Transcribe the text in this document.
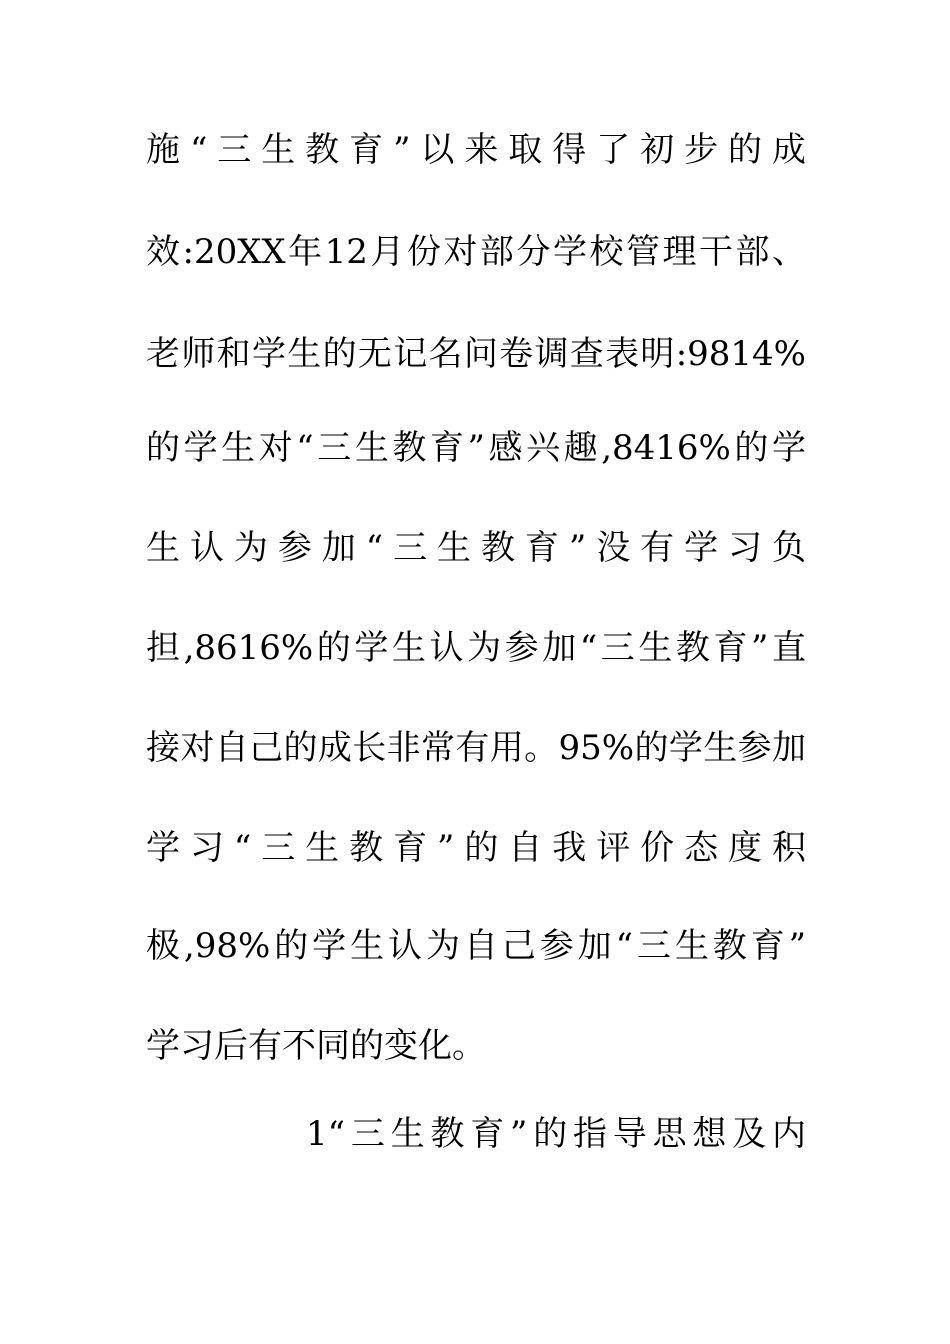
施“三生教育”以来取得了初步的成
效:20XX年12月份对部分学校管理干部、
老师和学生的无记名问卷调查表明:9814%
的学生对“三生教育”感兴趣,8416%的学
生认为参加“三生教育”没有学习负
担,8616%的学生认为参加“三生教育”直
接对自己的成长非常有用。95%的学生参加
学习“三生教育”的自我评价态度积
极,98%的学生认为自己参加“三生教育”
学习后有不同的变化。
1“三生教育”的指导思想及内
